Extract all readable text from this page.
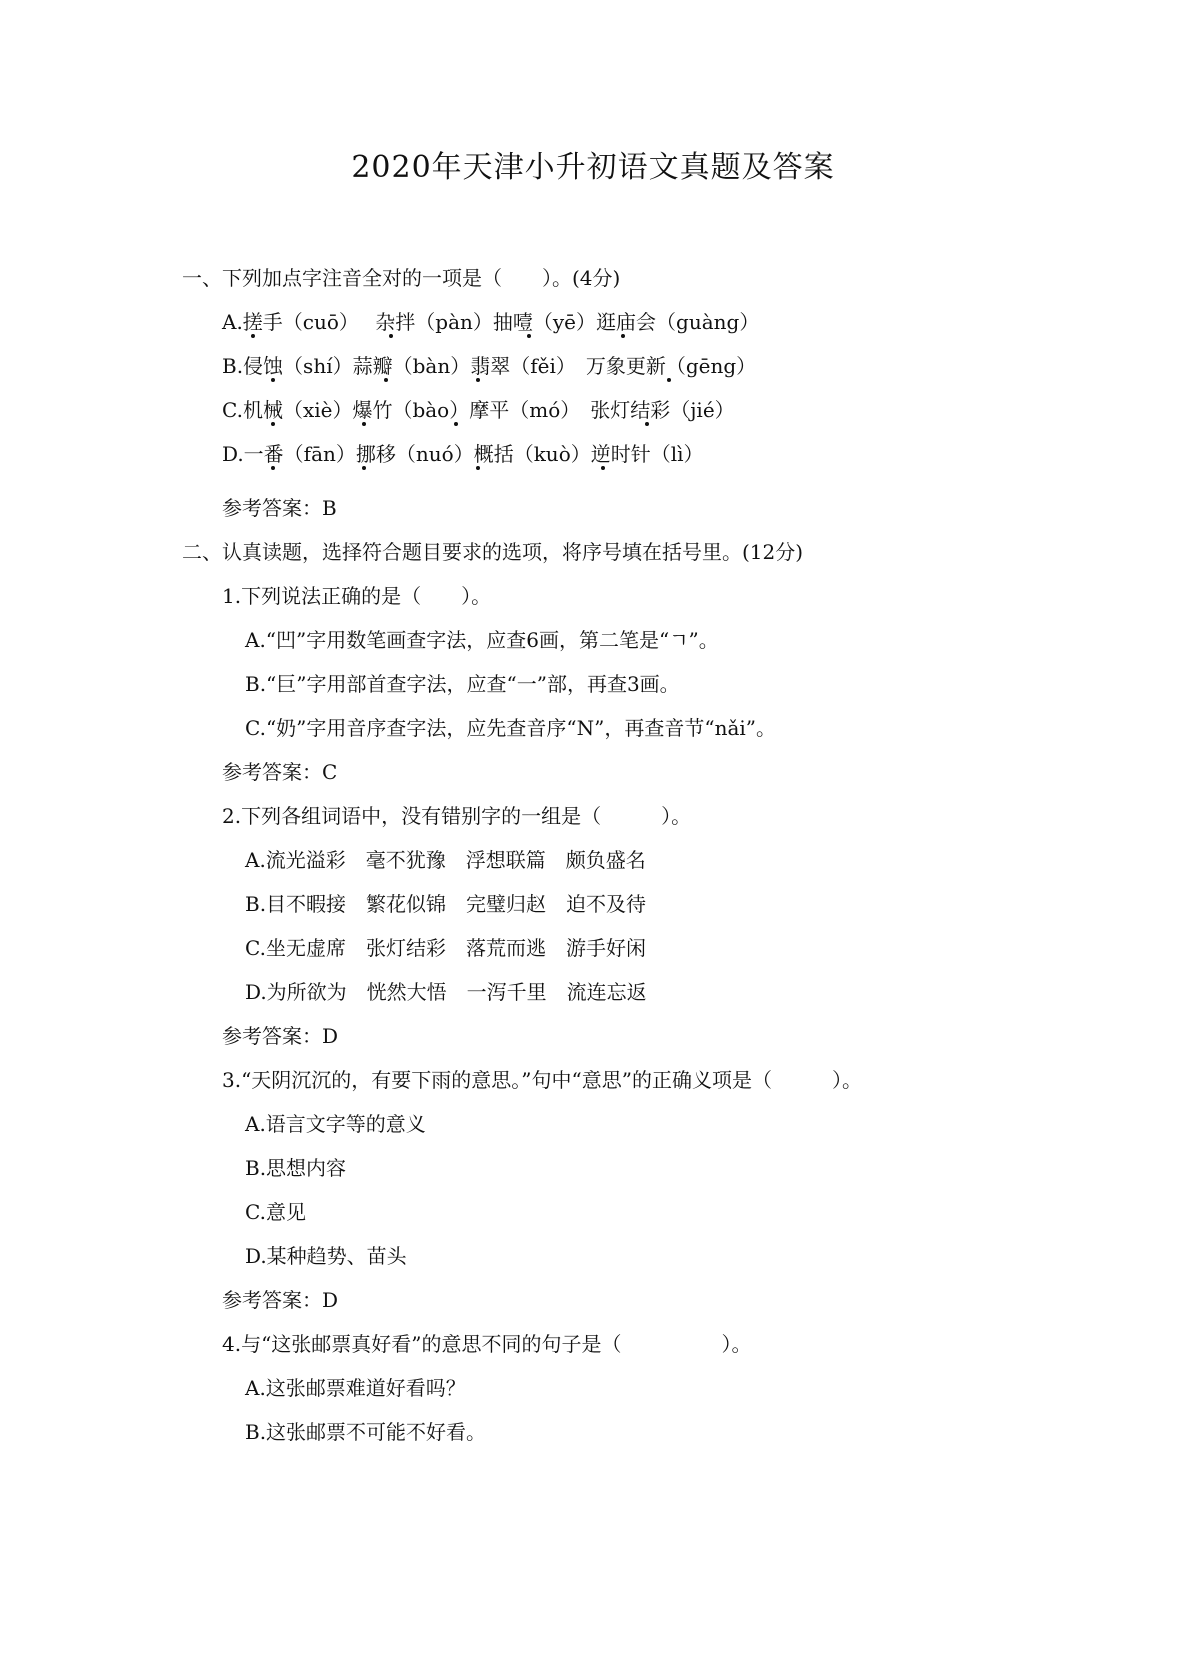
2020年天津小升初语文真题及答案
一、下列加点字注音全对的一项是（　　）。(4分)
A.搓手（cuō）　 杂拌（pàn）抽噎（yē）逛庙会（guàng）
B.侵蚀（shí）蒜瓣（bàn）翡翠（fěi）　万象更新（gēng）
C.机械（xiè）爆竹（bào）摩平（mó）　张灯结彩（jié）
D.一番（fān）挪移（nuó）概括（kuò）逆时针（lì）
参考答案：B
二、认真读题，选择符合题目要求的选项，将序号填在括号里。(12分)
1.下列说法正确的是（　　）。
A.“凹”字用数笔画查字法，应查6画，第二笔是“ㄱ”。
B.“巨”字用部首查字法，应查“一”部，再查3画。
C.“奶”字用音序查字法，应先查音序“N”，再查音节“nǎi”。
参考答案：C
2.下列各组词语中，没有错别字的一组是（　　　）。
A.流光溢彩　毫不犹豫　浮想联篇　颇负盛名
B.目不暇接　繁花似锦　完璧归赵　迫不及待
C.坐无虚席　张灯结彩　落荒而逃　游手好闲
D.为所欲为　恍然大悟　一泻千里　流连忘返
参考答案：D
3.“天阴沉沉的，有要下雨的意思。”句中“意思”的正确义项是（　　　）。
A.语言文字等的意义
B.思想内容
C.意见
D.某种趋势、苗头
参考答案：D
4.与“这张邮票真好看”的意思不同的句子是（　　　　　）。
A.这张邮票难道好看吗？
B.这张邮票不可能不好看。
